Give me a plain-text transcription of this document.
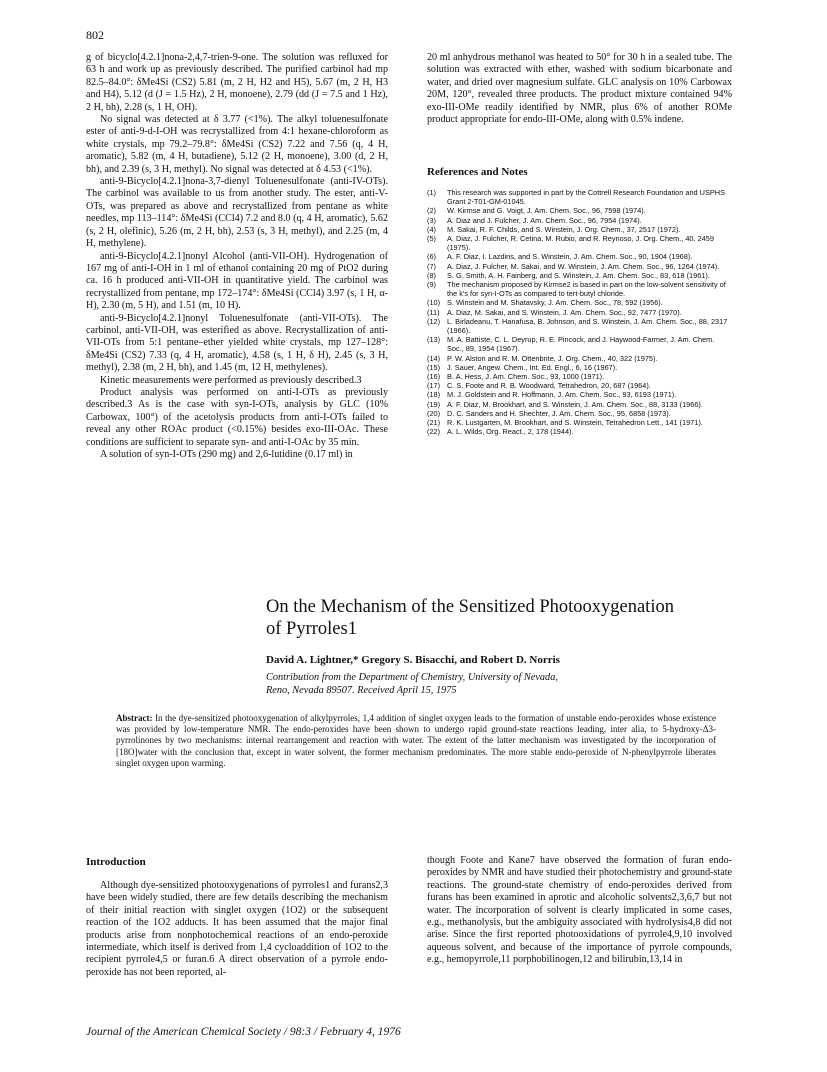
802

g of bicyclo[4.2.1]nona-2,4,7-trien-9-one. The solution was refluxed for 63 h and work up as previously described. The purified carbinol had mp 82.5–84.0°: δMe4Si (CS2) 5.81 (m, 2 H, H2 and H5), 5.67 (m, 2 H, H3 and H4), 5.12 (d (J = 1.5 Hz), 2 H, monoene), 2.79 (dd (J = 7.5 and 1 Hz), 2 H, bh), 2.28 (s, 1 H, OH).

No signal was detected at δ 3.77 (<1%). The alkyl toluenesulfonate ester of anti-9-d-I-OH was recrystallized from 4:1 hexane-chloroform as white crystals, mp 79.2–79.8°: δMe4Si (CS2) 7.22 and 7.56 (q, 4 H, aromatic), 5.82 (m, 4 H, butadiene), 5.12 (2 H, monoene), 3.00 (d, 2 H, bh), and 2.39 (s, 3 H, methyl). No signal was detected at δ 4.53 (<1%).

anti-9-Bicyclo[4.2.1]nona-3,7-dienyl Toluenesulfonate (anti-IV-OTs). The carbinol was available to us from another study. The ester, anti-V-OTs, was prepared as above and recrystallized from pentane as white needles, mp 113–114°: δMe4Si (CCl4) 7.2 and 8.0 (q, 4 H, aromatic), 5.62 (s, 2 H, olefinic), 5.26 (m, 2 H, bh), 2.53 (s, 3 H, methyl), and 2.25 (m, 4 H, methylene).

anti-9-Bicyclo[4.2.1]nonyl Alcohol (anti-VII-OH). Hydrogenation of 167 mg of anti-I-OH in 1 ml of ethanol containing 20 mg of PtO2 during ca. 16 h produced anti-VII-OH in quantitative yield. The carbinol was recrystallized from pentane, mp 172–174°: δMe4Si (CCl4) 3.97 (s, 1 H, α-H), 2.30 (m, 5 H), and 1.51 (m, 10 H).

anti-9-Bicyclo[4.2.1]nonyl Toluenesulfonate (anti-VII-OTs). The carbinol, anti-VII-OH, was esterified as above. Recrystallization of anti-VII-OTs from 5:1 pentane–ether yielded white crystals, mp 127–128°: δMe4Si (CS2) 7.33 (q, 4 H, aromatic), 4.58 (s, 1 H, δ H), 2.45 (s, 3 H, methyl), 2.38 (m, 2 H, bh), and 1.45 (m, 12 H, methylenes).

Kinetic measurements were performed as previously described.3

Product analysis was performed on anti-I-OTs as previously described.3 As is the case with syn-I-OTs, analysis by GLC (10% Carbowax, 100°) of the acetolysis products from anti-I-OTs failed to reveal any other ROAc product (<0.15%) besides exo-III-OAc. These conditions are sufficient to separate syn- and anti-I-OAc by 35 min.

A solution of syn-I-OTs (290 mg) and 2,6-lutidine (0.17 ml) in

20 ml anhydrous methanol was heated to 50° for 30 h in a sealed tube. The solution was extracted with ether, washed with sodium bicarbonate and water, and dried over magnesium sulfate. GLC analysis on 10% Carbowax 20M, 120°, revealed three products. The product mixture contained 94% exo-III-OMe readily identified by NMR, plus 6% of another ROMe product appropriate for endo-III-OMe, along with 0.5% indene.

References and Notes
(1)	This research was supported in part by the Cottrell Research Foundation and USPHS Grant 2-T01-GM-01045.
(2)	W. Kirmse and G. Voigt, J. Am. Chem. Soc., 96, 7598 (1974).
(3)	A. Diaz and J. Fulcher, J. Am. Chem. Soc., 96, 7954 (1974).
(4)	M. Sakai, R. F. Childs, and S. Winstein, J. Org. Chem., 37, 2517 (1972).
(5)	A. Diaz, J. Fulcher, R. Cetina, M. Rubio, and R. Reynoso, J. Org. Chem., 40, 2459 (1975).
(6)	A. F. Diaz, I. Lazdins, and S. Winstein, J. Am. Chem. Soc., 90, 1904 (1968).
(7)	A. Diaz, J. Fulcher, M. Sakai, and W. Winstein, J. Am. Chem. Soc., 96, 1264 (1974).
(8)	S. G. Smith, A. H. Fainberg, and S. Winstein, J. Am. Chem. Soc., 83, 618 (1961).
(9)	The mechanism proposed by Kirmse2 is based in part on the low-solvent sensitivity of the k's for syn-I-OTs as compared to tert-butyl chloride.
(10) S. Winstein and M. Shatavsky, J. Am. Chem. Soc., 78, 592 (1956).
(11)	A. Diaz, M. Sakai, and S. Winstein, J. Am. Chem. Soc., 92, 7477 (1970).
(12) L. Birladeanu, T. Hanafusa, B. Johnson, and S. Winstein, J. Am. Chem. Soc., 88, 2317 (1966).
(13) M. A. Battiste, C. L. Deyrup, R. E. Pincock, and J. Haywood-Farmer, J. Am. Chem. Soc., 89, 1954 (1967).
(14) P. W. Alston and R. M. Ottenbrite, J. Org. Chem., 40, 322 (1975).
(15) J. Sauer, Angew. Chem., Int. Ed. Engl., 6, 16 (1967).
(16) B. A. Hess, J. Am. Chem. Soc., 93, 1000 (1971).
(17) C. S. Foote and R. B. Woodward, Tetrahedron, 20, 687 (1964).
(18) M. J. Goldstein and R. Hoffmann, J. Am. Chem. Soc., 93, 6193 (1971).
(19) A. F. Diaz, M. Brookhart, and S. Winstein, J. Am. Chem. Soc., 88, 3133 (1966).
(20) D. C. Sanders and H. Shechter, J. Am. Chem. Soc., 95, 6858 (1973).
(21) R. K. Lustgarten, M. Brookhart, and S. Winstein, Tetrahedron Lett., 141 (1971).
(22) A. L. Wilds, Org. React., 2, 178 (1944).
On the Mechanism of the Sensitized Photooxygenation
of Pyrroles1
David A. Lightner,* Gregory S. Bisacchi, and Robert D. Norris
Contribution from the Department of Chemistry, University of Nevada,
Reno, Nevada 89507. Received April 15, 1975
Abstract: In the dye-sensitized photooxygenation of alkylpyrroles, 1,4 addition of singlet oxygen leads to the formation of unstable endo-peroxides whose existence was provided by low-temperature NMR. The endo-peroxides have been shown to undergo rapid ground-state reactions leading, inter alia, to 5-hydroxy-Δ3-pyrrolinones by two mechanisms: internal rearrangement and reaction with water. The extent of the latter mechanism was investigated by the incorporation of [18O]water with the conclusion that, except in water solvent, the former mechanism predominates. The more stable endo-peroxide of N-phenylpyrrole liberates singlet oxygen upon warming.
Introduction

Although dye-sensitized photooxygenations of pyrroles1 and furans2,3 have been widely studied, there are few details describing the mechanism of their initial reaction with singlet oxygen (1O2) or the subsequent reaction of the 1O2 adducts. It has been assumed that the major final products arise from nonphotochemical reactions of an endo-peroxide intermediate, which itself is derived from 1,4 cycloaddition of 1O2 to the recipient pyrrole4,5 or furan.6 A direct observation of a pyrrole endo-peroxide has not been reported, al-

though Foote and Kane7 have observed the formation of furan endo-peroxides by NMR and have studied their photochemistry and ground-state reactions. The ground-state chemistry of endo-peroxides derived from furans has been examined in aprotic and alcoholic solvents2,3,6,7 but not water. The incorporation of solvent is clearly implicated in some cases, e.g., methanolysis, but the ambiguity associated with hydrolysis4,8 did not arise. Since the first reported photooxidations of pyrrole4,9,10 involved aqueous solvent, and because of the importance of pyrrole compounds, e.g., hemopyrrole,11 porphobilinogen,12 and bilirubin,13,14 in

Journal of the American Chemical Society / 98:3 / February 4, 1976
